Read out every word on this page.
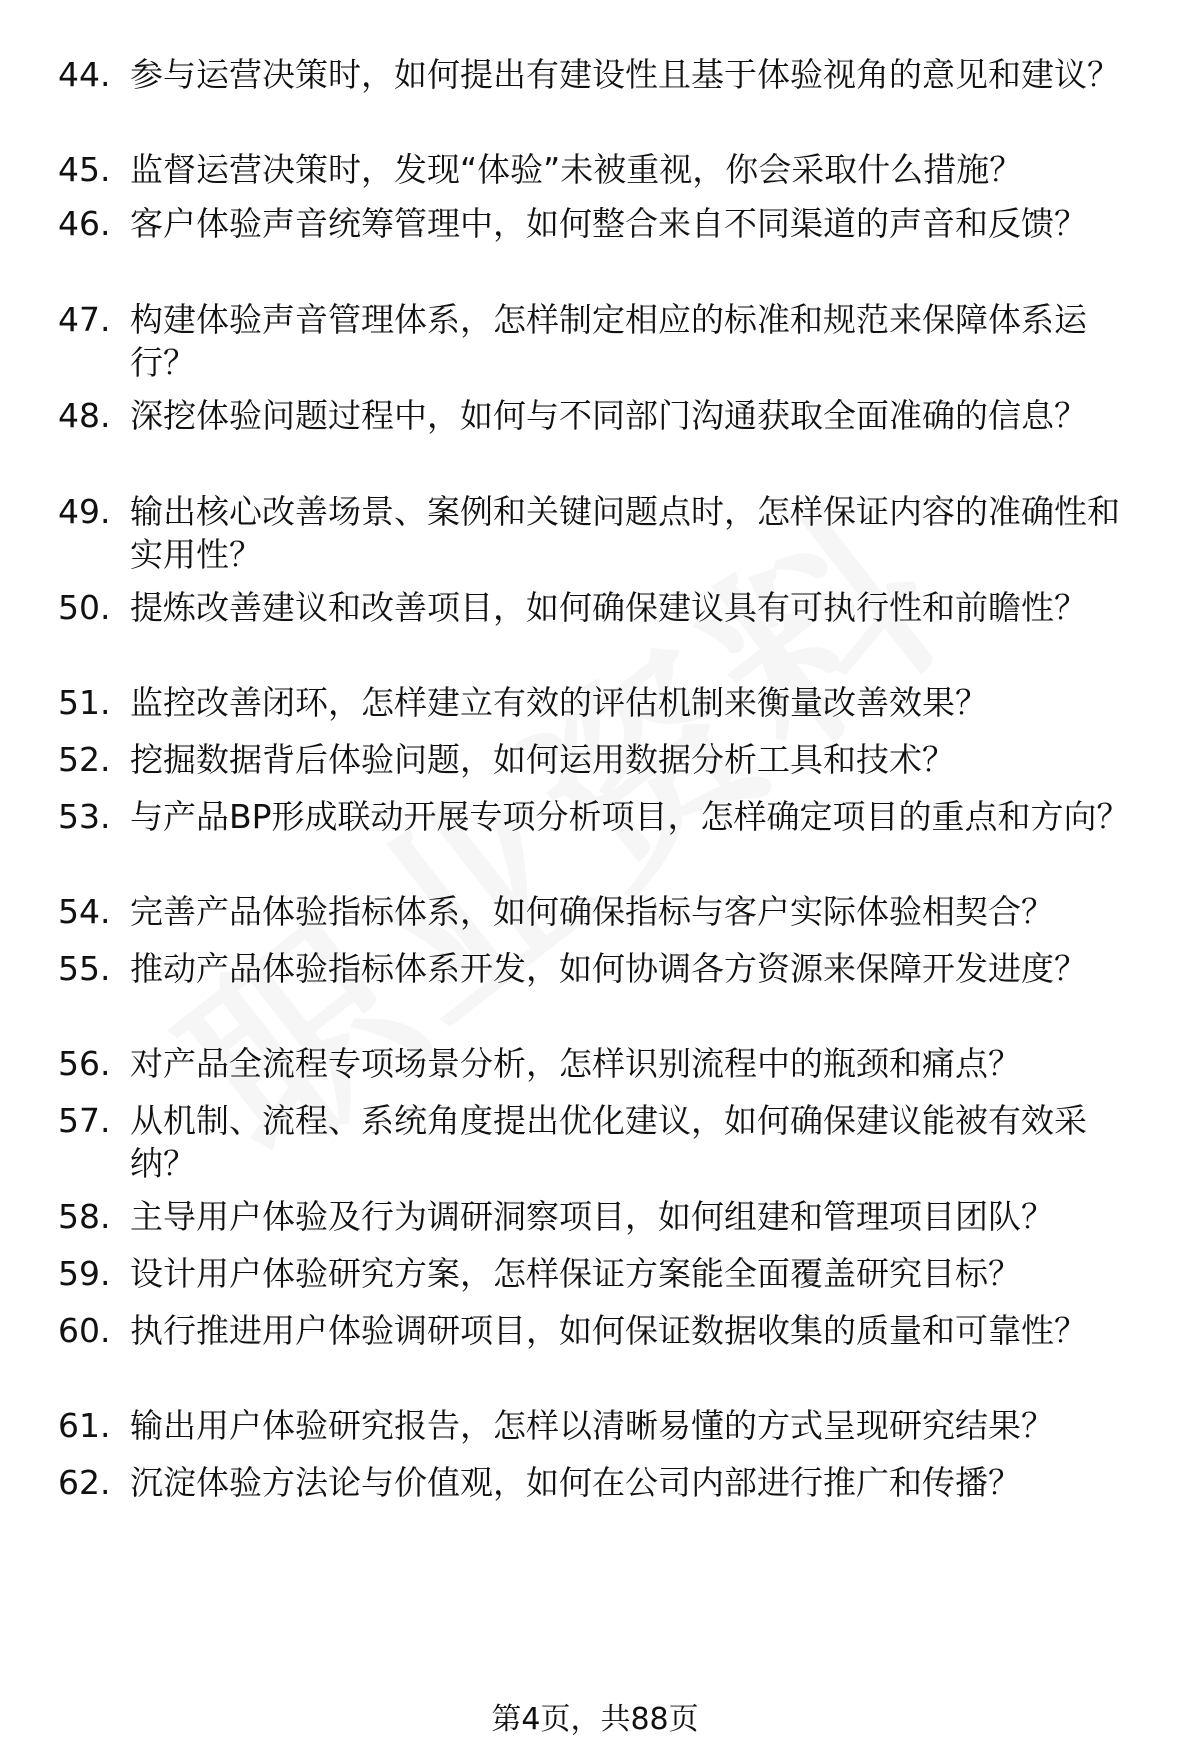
44. 参与运营决策时，如何提出有建设性且基于体验视角的意见和建议？
45. 监督运营决策时，发现“体验”未被重视，你会采取什么措施？
46. 客户体验声音统筹管理中，如何整合来自不同渠道的声音和反馈？
47. 构建体验声音管理体系，怎样制定相应的标准和规范来保障体系运行？
48. 深挖体验问题过程中，如何与不同部门沟通获取全面准确的信息？
49. 输出核心改善场景、案例和关键问题点时，怎样保证内容的准确性和实用性？
50. 提炼改善建议和改善项目，如何确保建议具有可执行性和前瞻性？
51. 监控改善闭环，怎样建立有效的评估机制来衡量改善效果？
52. 挖掘数据背后体验问题，如何运用数据分析工具和技术？
53. 与产品BP形成联动开展专项分析项目，怎样确定项目的重点和方向？
54. 完善产品体验指标体系，如何确保指标与客户实际体验相契合？
55. 推动产品体验指标体系开发，如何协调各方资源来保障开发进度？
56. 对产品全流程专项场景分析，怎样识别流程中的瓶颈和痛点？
57. 从机制、流程、系统角度提出优化建议，如何确保建议能被有效采纳？
58. 主导用户体验及行为调研洞察项目，如何组建和管理项目团队？
59. 设计用户体验研究方案，怎样保证方案能全面覆盖研究目标？
60. 执行推进用户体验调研项目，如何保证数据收集的质量和可靠性？
61. 输出用户体验研究报告，怎样以清晰易懂的方式呈现研究结果？
62. 沉淀体验方法论与价值观，如何在公司内部进行推广和传播？
第4页，共88页
